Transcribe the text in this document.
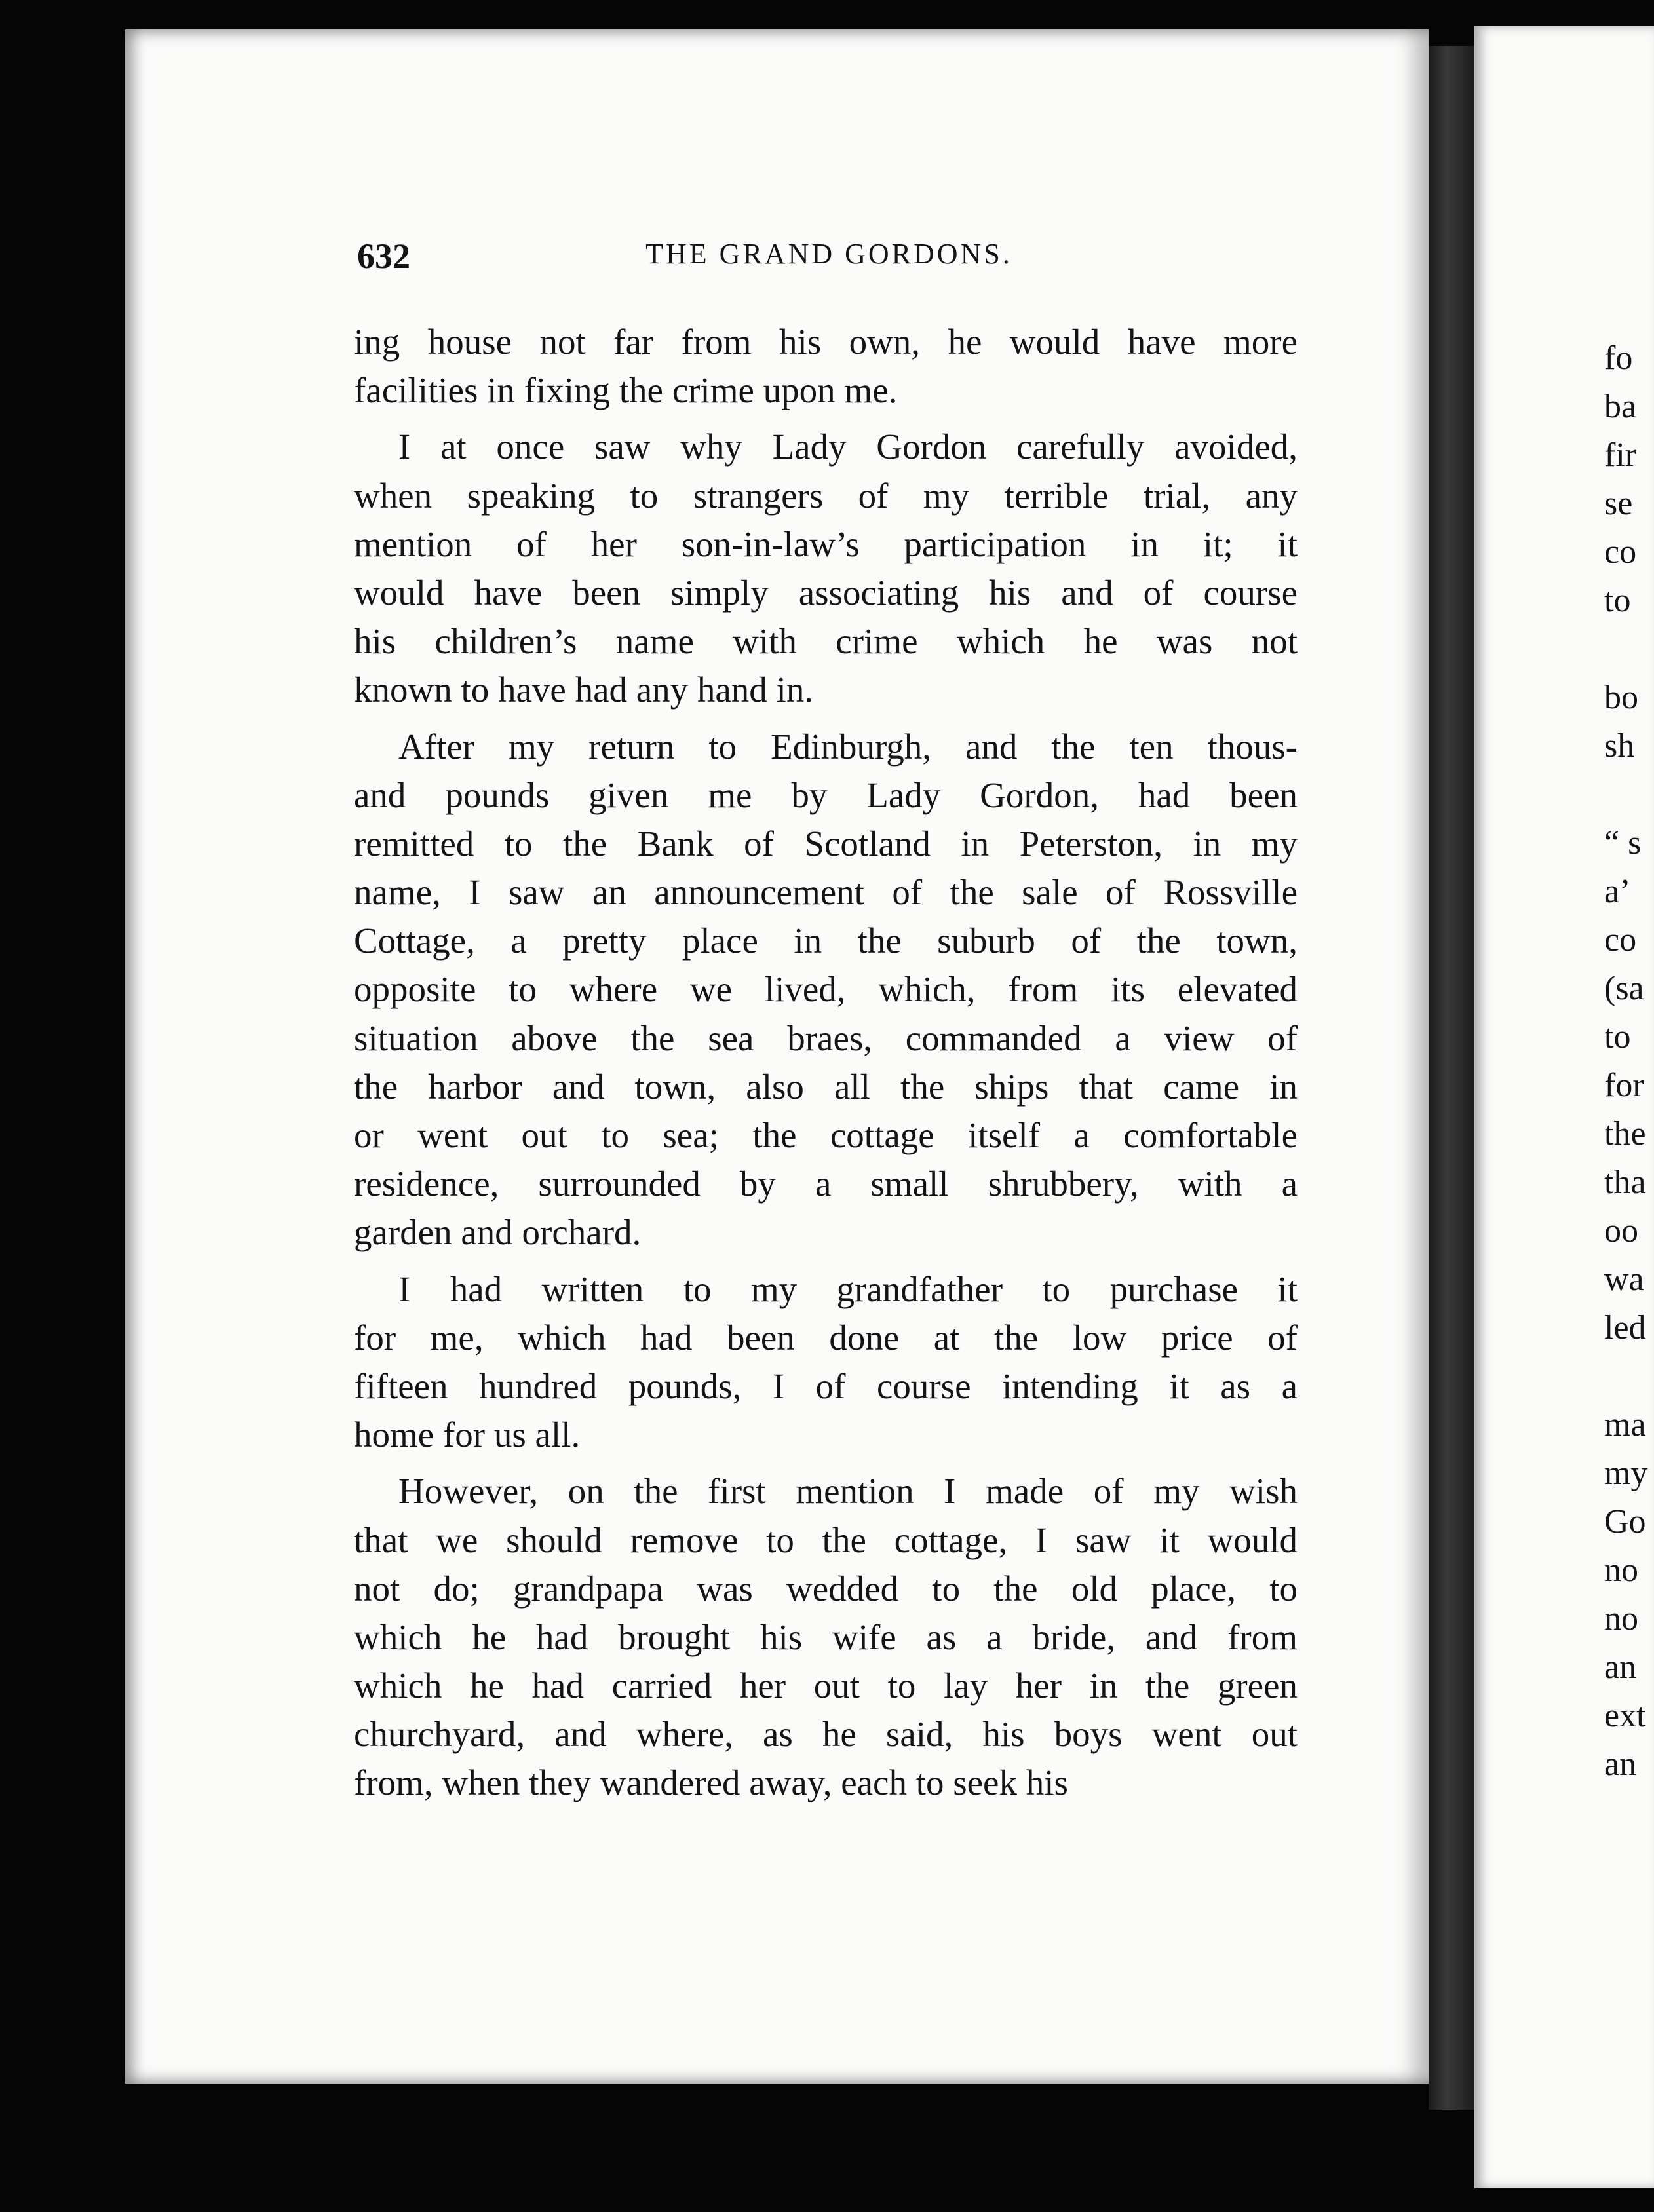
632	THE GRAND GORDONS.
ing house not far from his own, he would have more
facilities in fixing the crime upon me.
I at once saw why Lady Gordon carefully avoided,
when speaking to strangers of my terrible trial, any
mention of her son-in-law’s participation in it; it
would have been simply associating his and of course
his children’s name with crime which he was not
known to have had any hand in.
After my return to Edinburgh, and the ten thous-
and pounds given me by Lady Gordon, had been
remitted to the Bank of Scotland in Peterston, in my
name, I saw an announcement of the sale of Rossville
Cottage, a pretty place in the suburb of the town,
opposite to where we lived, which, from its elevated
situation above the sea braes, commanded a view of
the harbor and town, also all the ships that came in
or went out to sea; the cottage itself a comfortable
residence, surrounded by a small shrubbery, with a
garden and orchard.
I had written to my grandfather to purchase it
for me, which had been done at the low price of
fifteen hundred pounds, I of course intending it as a
home for us all.
However, on the first mention I made of my wish
that we should remove to the cottage, I saw it would
not do; grandpapa was wedded to the old place, to
which he had brought his wife as a bride, and from
which he had carried her out to lay her in the green
churchyard, and where, as he said, his boys went out
from, when they wandered away, each to seek his
fo
ba
fir
se
co
to
bo
sh
“ s
a’
co
(sa
to
for
the
tha
oo
wa
led
ma
my
Go
no
no
an
ext
an
